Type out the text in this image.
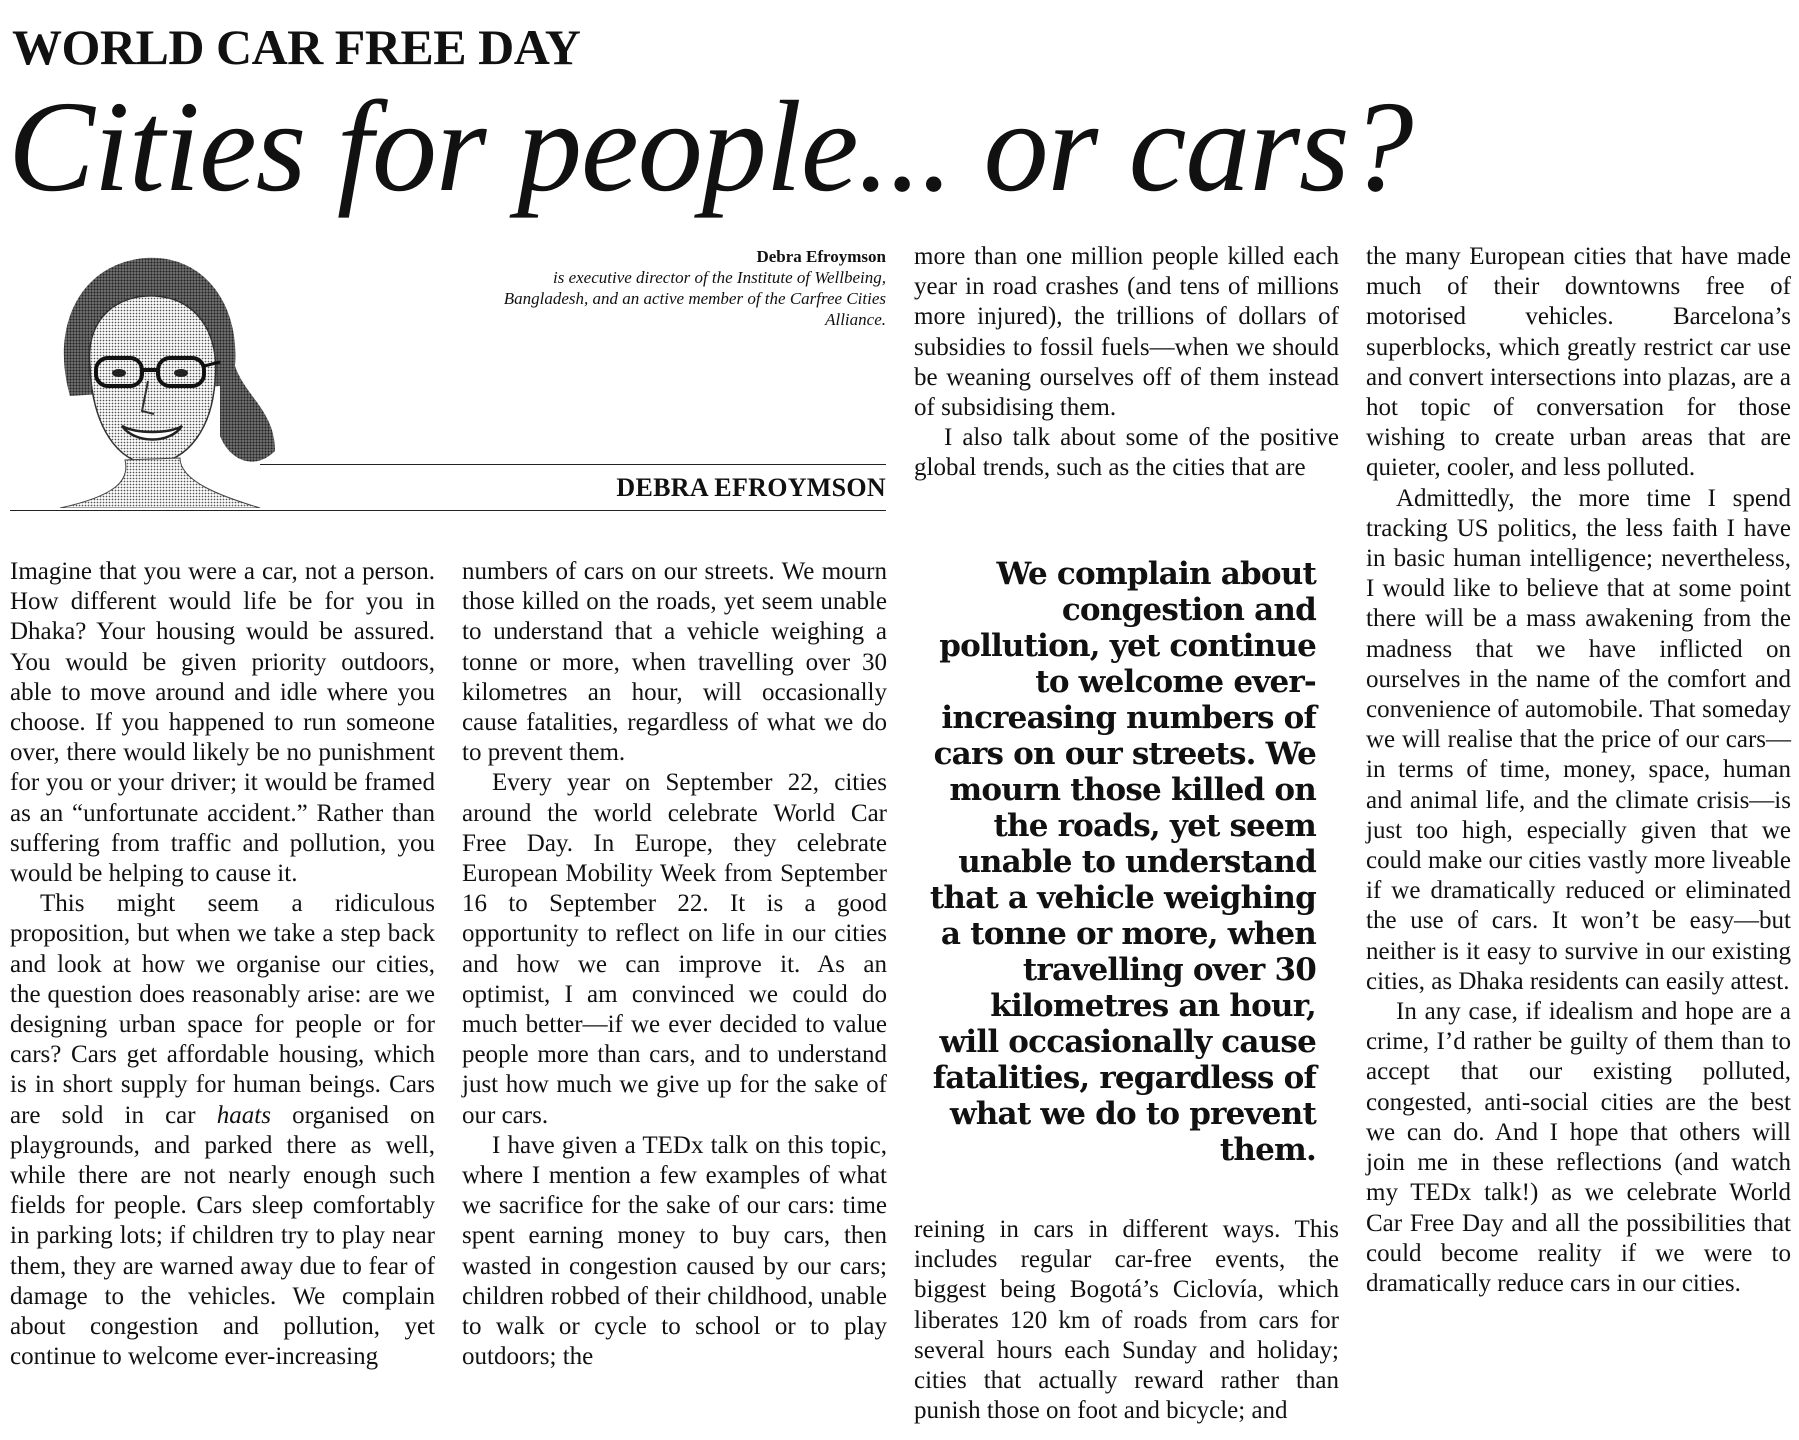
WORLD CAR FREE DAY
Cities for people... or cars?
Debra Efroymson
is executive director of the Institute of Wellbeing, Bangladesh, and an active member of the Carfree Cities Alliance.
DEBRA EFROYMSON

Imagine that you were a car, not a person. How different would life be for you in Dhaka? Your housing would be assured. You would be given priority outdoors, able to move around and idle where you choose. If you happened to run someone over, there would likely be no punishment for you or your driver; it would be framed as an “unfortunate accident.” Rather than suffering from traffic and pollution, you would be helping to cause it.

This might seem a ridiculous proposition, but when we take a step back and look at how we organise our cities, the question does reasonably arise: are we designing urban space for people or for cars? Cars get affordable housing, which is in short supply for human beings. Cars are sold in car haats organised on playgrounds, and parked there as well, while there are not nearly enough such fields for people. Cars sleep comfortably in parking lots; if children try to play near them, they are warned away due to fear of damage to the vehicles. We complain about congestion and pollution, yet continue to welcome ever-increasing

numbers of cars on our streets. We mourn those killed on the roads, yet seem unable to understand that a vehicle weighing a tonne or more, when travelling over 30 kilometres an hour, will occasionally cause fatalities, regardless of what we do to prevent them.

Every year on September 22, cities around the world celebrate World Car Free Day. In Europe, they celebrate European Mobility Week from September 16 to September 22. It is a good opportunity to reflect on life in our cities and how we can improve it. As an optimist, I am convinced we could do much better—if we ever decided to value people more than cars, and to understand just how much we give up for the sake of our cars.

I have given a TEDx talk on this topic, where I mention a few examples of what we sacrifice for the sake of our cars: time spent earning money to buy cars, then wasted in congestion caused by our cars; children robbed of their childhood, unable to walk or cycle to school or to play outdoors; the

more than one million people killed each year in road crashes (and tens of millions more injured), the trillions of dollars of subsidies to fossil fuels—when we should be weaning ourselves off of them instead of subsidising them.

I also talk about some of the positive global trends, such as the cities that are

We complain about congestion and pollution, yet continue to welcome ever-increasing numbers of cars on our streets. We mourn those killed on the roads, yet seem unable to understand that a vehicle weighing a tonne or more, when travelling over 30 kilometres an hour, will occasionally cause fatalities, regardless of what we do to prevent them.

reining in cars in different ways. This includes regular car-free events, the biggest being Bogotá’s Ciclovía, which liberates 120 km of roads from cars for several hours each Sunday and holiday; cities that actually reward rather than punish those on foot and bicycle; and

the many European cities that have made much of their downtowns free of motorised vehicles. Barcelona’s superblocks, which greatly restrict car use and convert intersections into plazas, are a hot topic of conversation for those wishing to create urban areas that are quieter, cooler, and less polluted.

Admittedly, the more time I spend tracking US politics, the less faith I have in basic human intelligence; nevertheless, I would like to believe that at some point there will be a mass awakening from the madness that we have inflicted on ourselves in the name of the comfort and convenience of automobile. That someday we will realise that the price of our cars—in terms of time, money, space, human and animal life, and the climate crisis—is just too high, especially given that we could make our cities vastly more liveable if we dramatically reduced or eliminated the use of cars. It won’t be easy—but neither is it easy to survive in our existing cities, as Dhaka residents can easily attest.

In any case, if idealism and hope are a crime, I’d rather be guilty of them than to accept that our existing polluted, congested, anti-social cities are the best we can do. And I hope that others will join me in these reflections (and watch my TEDx talk!) as we celebrate World Car Free Day and all the possibilities that could become reality if we were to dramatically reduce cars in our cities.
